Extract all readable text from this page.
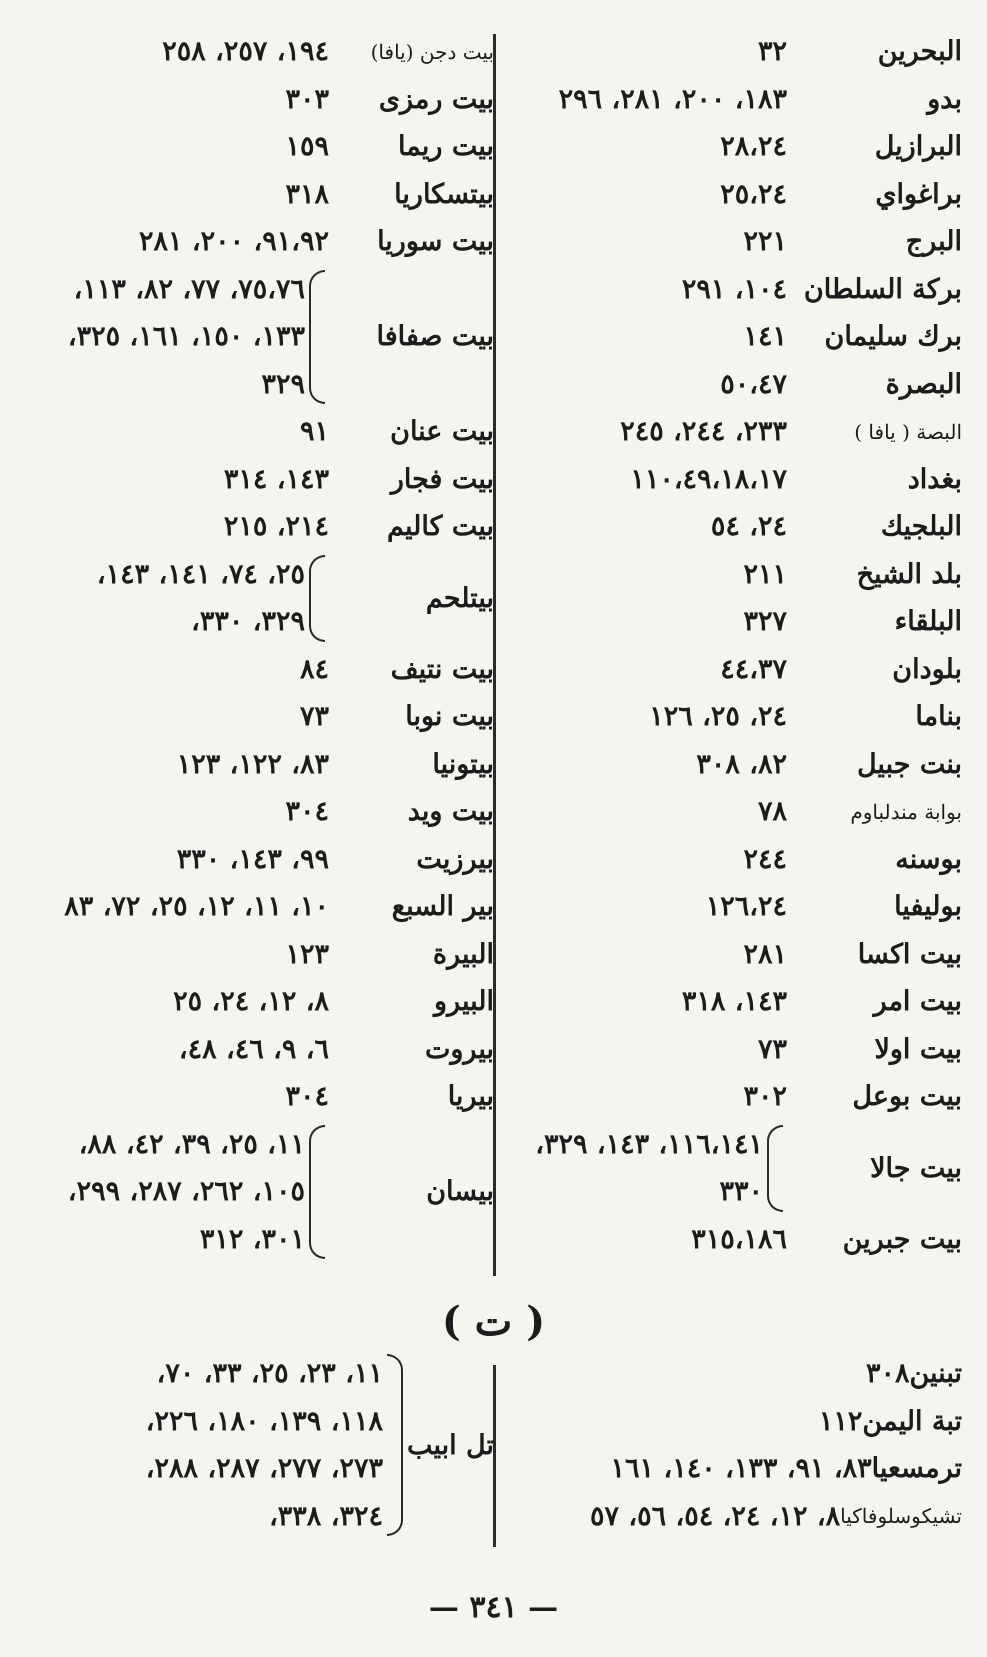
البحرين
٣٢
بدو
١٨٣، ٢٠٠، ٢٨١، ٢٩٦
البرازيل
٢٨،٢٤
براغواي
٢٥،٢٤
البرج
٢٢١
بركة السلطان
١٠٤، ٢٩١
برك سليمان
١٤١
البصرة
٥٠،٤٧
البصة ( يافا )
٢٣٣، ٢٤٤، ٢٤٥
بغداد
١١٠،٤٩،١٨،١٧
البلجيك
٢٤، ٥٤
بلد الشيخ
٢١١
البلقاء
٣٢٧
بلودان
٤٤،٣٧
بناما
٢٤، ٢٥، ١٢٦
بنت جبيل
٨٢، ٣٠٨
بوابة مندلباوم
٧٨
بوسنه
٢٤٤
بوليفيا
١٢٦،٢٤
بيت اكسا
٢٨١
بيت امر
١٤٣، ٣١٨
بيت اولا
٧٣
بيت بوعل
٣٠٢
بيت جالا
١١٦،١٤١، ١٤٣، ٣٢٩،
٣٣٠
بيت جبرين
٣١٥،١٨٦
بيت دجن (يافا)
١٩٤، ٢٥٧، ٢٥٨
بيت رمزى
٣٠٣
بيت ريما
١٥٩
بيتسكاريا
٣١٨
بيت سوريا
٩١،٩٢، ٢٠٠، ٢٨١
بيت صفافا
٧٥،٧٦، ٧٧، ٨٢، ١١٣،
١٣٣، ١٥٠، ١٦١، ٣٢٥،
٣٢٩
بيت عنان
٩١
بيت فجار
١٤٣، ٣١٤
بيت كاليم
٢١٤، ٢١٥
بيتلحم
٢٥، ٧٤، ١٤١، ١٤٣،
٣٢٩، ٣٣٠،
بيت نتيف
٨٤
بيت نوبا
٧٣
بيتونيا
٨٣، ١٢٢، ١٢٣
بيت ويد
٣٠٤
بيرزيت
٩٩، ١٤٣، ٣٣٠
بير السبع
١٠، ١١، ١٢، ٢٥، ٧٢، ٨٣
البيرة
١٢٣
البيرو
٨، ١٢، ٢٤، ٢٥
بيروت
٦، ٩، ٤٦، ٤٨،
بيريا
٣٠٤
بيسان
١١، ٢٥، ٣٩، ٤٢، ٨٨،
١٠٥، ٢٦٢، ٢٨٧، ٢٩٩،
٣٠١، ٣١٢
( ت )
تبنين
٣٠٨
تبة اليمن
١١٢
ترمسعيا
٨٣، ٩١، ١٣٣، ١٤٠، ١٦١
تشيكوسلوفاكيا
٨، ١٢، ٢٤، ٥٤، ٥٦، ٥٧
تل ابيب
١١، ٢٣، ٢٥، ٣٣، ٧٠،
١١٨، ١٣٩، ١٨٠، ٢٢٦،
٢٧٣، ٢٧٧، ٢٨٧، ٢٨٨،
٣٢٤، ٣٣٨،
— ٣٤١ —
